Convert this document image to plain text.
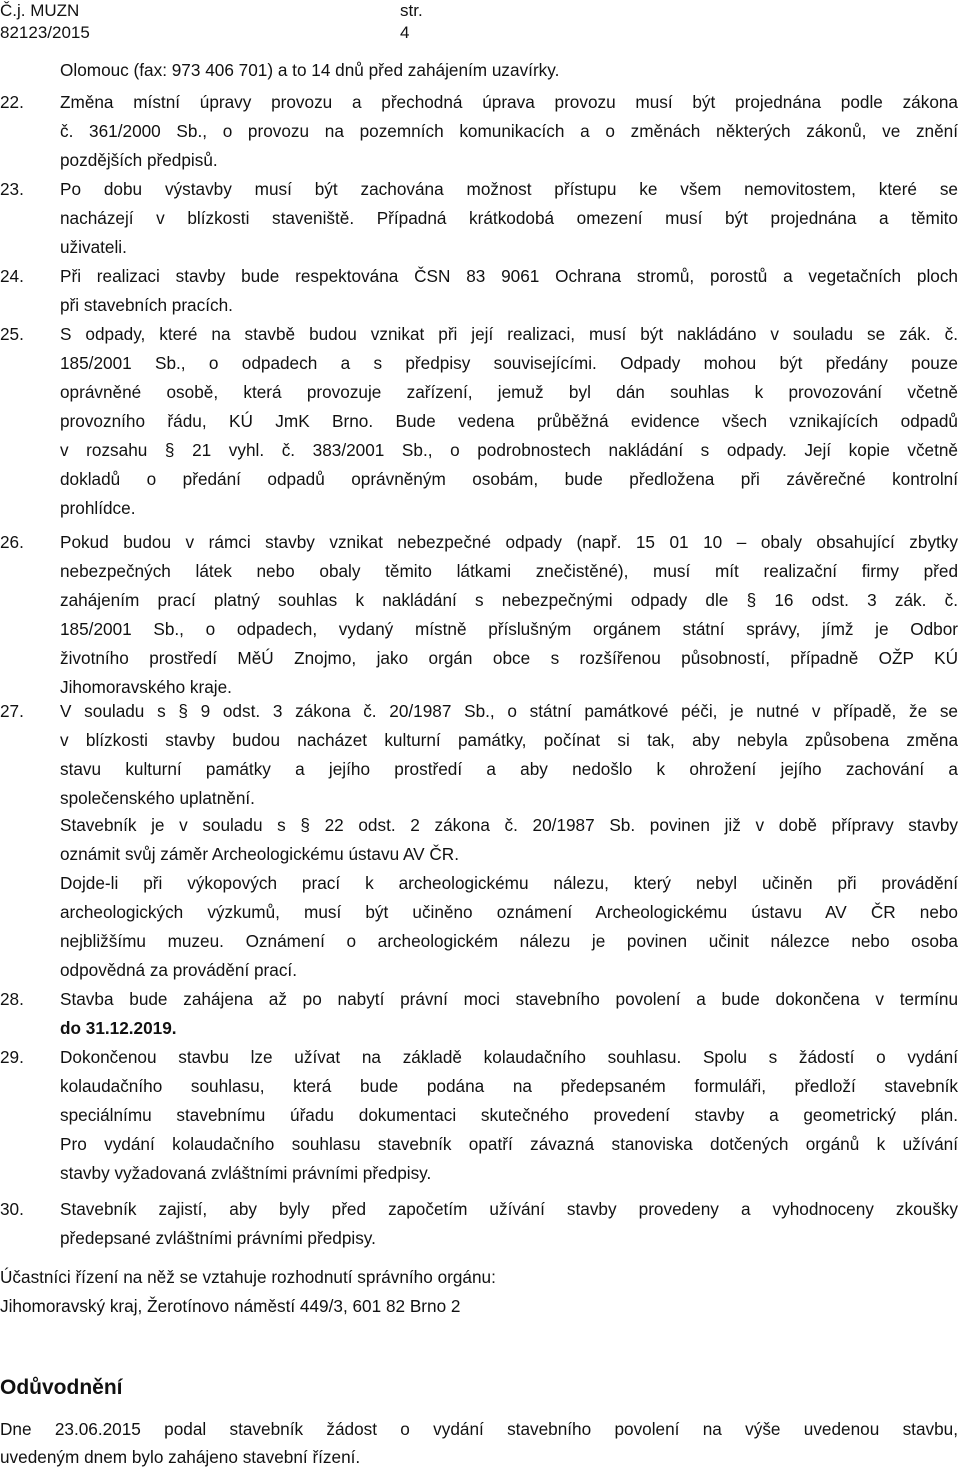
Č.j. MUZN 82123/2015
str. 4
Olomouc (fax: 973 406 701) a to 14 dnů před zahájením uzavírky.
22.	Změna místní úpravy provozu a přechodná úprava provozu musí být projednána podle zákona
č. 361/2000 Sb., o provozu na pozemních komunikacích a o změnách některých zákonů, ve znění
pozdějších předpisů.
23.	Po dobu výstavby musí být zachována možnost přístupu ke všem nemovitostem, které se
nacházejí v blízkosti staveniště. Případná krátkodobá omezení musí být projednána a těmito
uživateli.
24.	Při realizaci stavby bude respektována ČSN 83 9061 Ochrana stromů, porostů a vegetačních ploch
při stavebních pracích.
25.	S odpady, které na stavbě budou vznikat při její realizaci, musí být nakládáno v souladu se zák. č.
185/2001 Sb., o odpadech a s předpisy souvisejícími. Odpady mohou být předány pouze
oprávněné osobě, která provozuje zařízení, jemuž byl dán souhlas k provozování včetně
provozního řádu, KÚ JmK Brno. Bude vedena průběžná evidence všech vznikajících odpadů
v rozsahu § 21 vyhl. č. 383/2001 Sb., o podrobnostech nakládání s odpady. Její kopie včetně
dokladů o předání odpadů oprávněným osobám, bude předložena při závěrečné kontrolní
prohlídce.
26.	Pokud budou v rámci stavby vznikat nebezpečné odpady (např. 15 01 10 – obaly obsahující zbytky
nebezpečných látek nebo obaly těmito látkami znečistěné), musí mít realizační firmy před
zahájením prací platný souhlas k nakládání s nebezpečnými odpady dle § 16 odst. 3 zák. č.
185/2001 Sb., o odpadech, vydaný místně příslušným orgánem státní správy, jímž je Odbor
životního prostředí MěÚ Znojmo, jako orgán obce s rozšířenou působností, případně OŽP KÚ
Jihomoravského kraje.
27.	V souladu s § 9 odst. 3 zákona č. 20/1987 Sb., o státní památkové péči, je nutné v případě, že se
v blízkosti stavby budou nacházet kulturní památky, počínat si tak, aby nebyla způsobena změna
stavu kulturní památky a jejího prostředí a aby nedošlo k ohrožení jejího zachování a
společenského uplatnění.
Stavebník je v souladu s § 22 odst. 2 zákona č. 20/1987 Sb. povinen již v době přípravy stavby
oznámit svůj záměr Archeologickému ústavu AV ČR.
Dojde-li při výkopových prací k archeologickému nálezu, který nebyl učiněn při provádění
archeologických výzkumů, musí být učiněno oznámení Archeologickému ústavu AV ČR nebo
nejbližšímu muzeu. Oznámení o archeologickém nálezu je povinen učinit nálezce nebo osoba
odpovědná za provádění prací.
28.	Stavba bude zahájena až po nabytí právní moci stavebního povolení a bude dokončena v termínu
do 31.12.2019.
29.	Dokončenou stavbu lze užívat na základě kolaudačního souhlasu. Spolu s žádostí o vydání
kolaudačního souhlasu, která bude podána na předepsaném formuláři, předloží stavebník
speciálnímu stavebnímu úřadu dokumentaci skutečného provedení stavby a geometrický plán.
Pro vydání kolaudačního souhlasu stavebník opatří závazná stanoviska dotčených orgánů k užívání
stavby vyžadovaná zvláštními právními předpisy.
30.	Stavebník zajistí, aby byly před započetím užívání stavby provedeny a vyhodnoceny zkoušky
předepsané zvláštními právními předpisy.
Účastníci řízení na něž se vztahuje rozhodnutí správního orgánu:
Jihomoravský kraj, Žerotínovo náměstí 449/3, 601 82 Brno 2
Odůvodnění
Dne 23.06.2015 podal stavebník žádost o vydání stavebního povolení na výše uvedenou stavbu,
uvedeným dnem bylo zahájeno stavební řízení.
